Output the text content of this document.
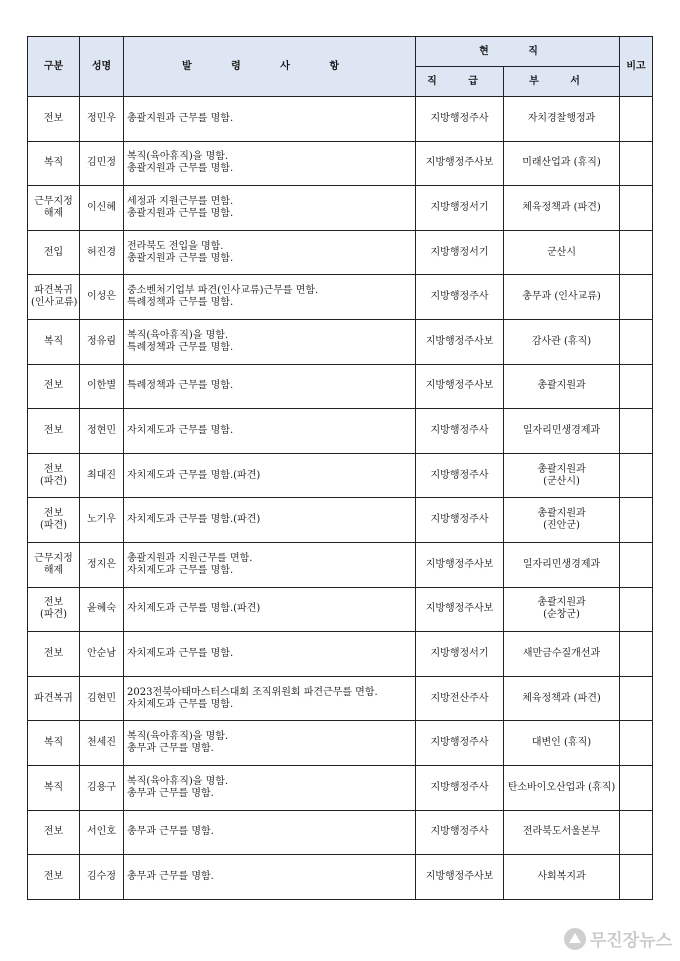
구분	성명	발 령 사 항	현 직		비고
			직 급	부 서	

전보	정민우	총괄지원과 근무를 명함.	지방행정주사	자치경찰행정과	

복직	김민정	복직(육아휴직)을 명함.
총괄지원과 근무를 명함.	지방행정주사보	미래산업과 (휴직)	

근무지정
해제	이신혜	세정과 지원근무를 면함.
총괄지원과 근무를 명함.	지방행정서기	체육정책과 (파견)	

전입	허진경	전라북도 전입을 명함.
총괄지원과 근무를 명함.	지방행정서기	군산시	

파견복귀
(인사교류)	이성은	중소벤처기업부 파견(인사교류)근무를 면함.
특례정책과 근무를 명함.	지방행정주사	총무과 (인사교류)	

복직	정유림	복직(육아휴직)을 명함.
특례정책과 근무를 명함.	지방행정주사보	감사관 (휴직)	

전보	이한별	특례정책과 근무를 명함.	지방행정주사보	총괄지원과	

전보	정현민	자치제도과 근무를 명함.	지방행정주사	일자리민생경제과	

전보
(파견)	최대진	자치제도과 근무를 명함.(파견)	지방행정주사	총괄지원과
(군산시)	

전보
(파견)	노기우	자치제도과 근무를 명함.(파견)	지방행정주사	총괄지원과
(진안군)	

근무지정
해제	정지은	총괄지원과 지원근무를 면함.
자치제도과 근무를 명함.	지방행정주사보	일자리민생경제과	

전보
(파견)	윤혜숙	자치제도과 근무를 명함.(파견)	지방행정주사보	총괄지원과
(순창군)	

전보	안순남	자치제도과 근무를 명함.	지방행정서기	새만금수질개선과	

파견복귀	김현민	2023전북아태마스터스대회 조직위원회 파견근무를 면함.
자치제도과 근무를 명함.	지방전산주사	체육정책과 (파견)	

복직	천세진	복직(육아휴직)을 명함.
총무과 근무를 명함.	지방행정주사	대변인 (휴직)	

복직	김용구	복직(육아휴직)을 명함.
총무과 근무를 명함.	지방행정주사	탄소바이오산업과 (휴직)	

전보	서인호	총무과 근무를 명함.	지방행정주사	전라북도서울본부	

전보	김수정	총무과 근무를 명함.	지방행정주사보	사회복지과	

무진장뉴스
